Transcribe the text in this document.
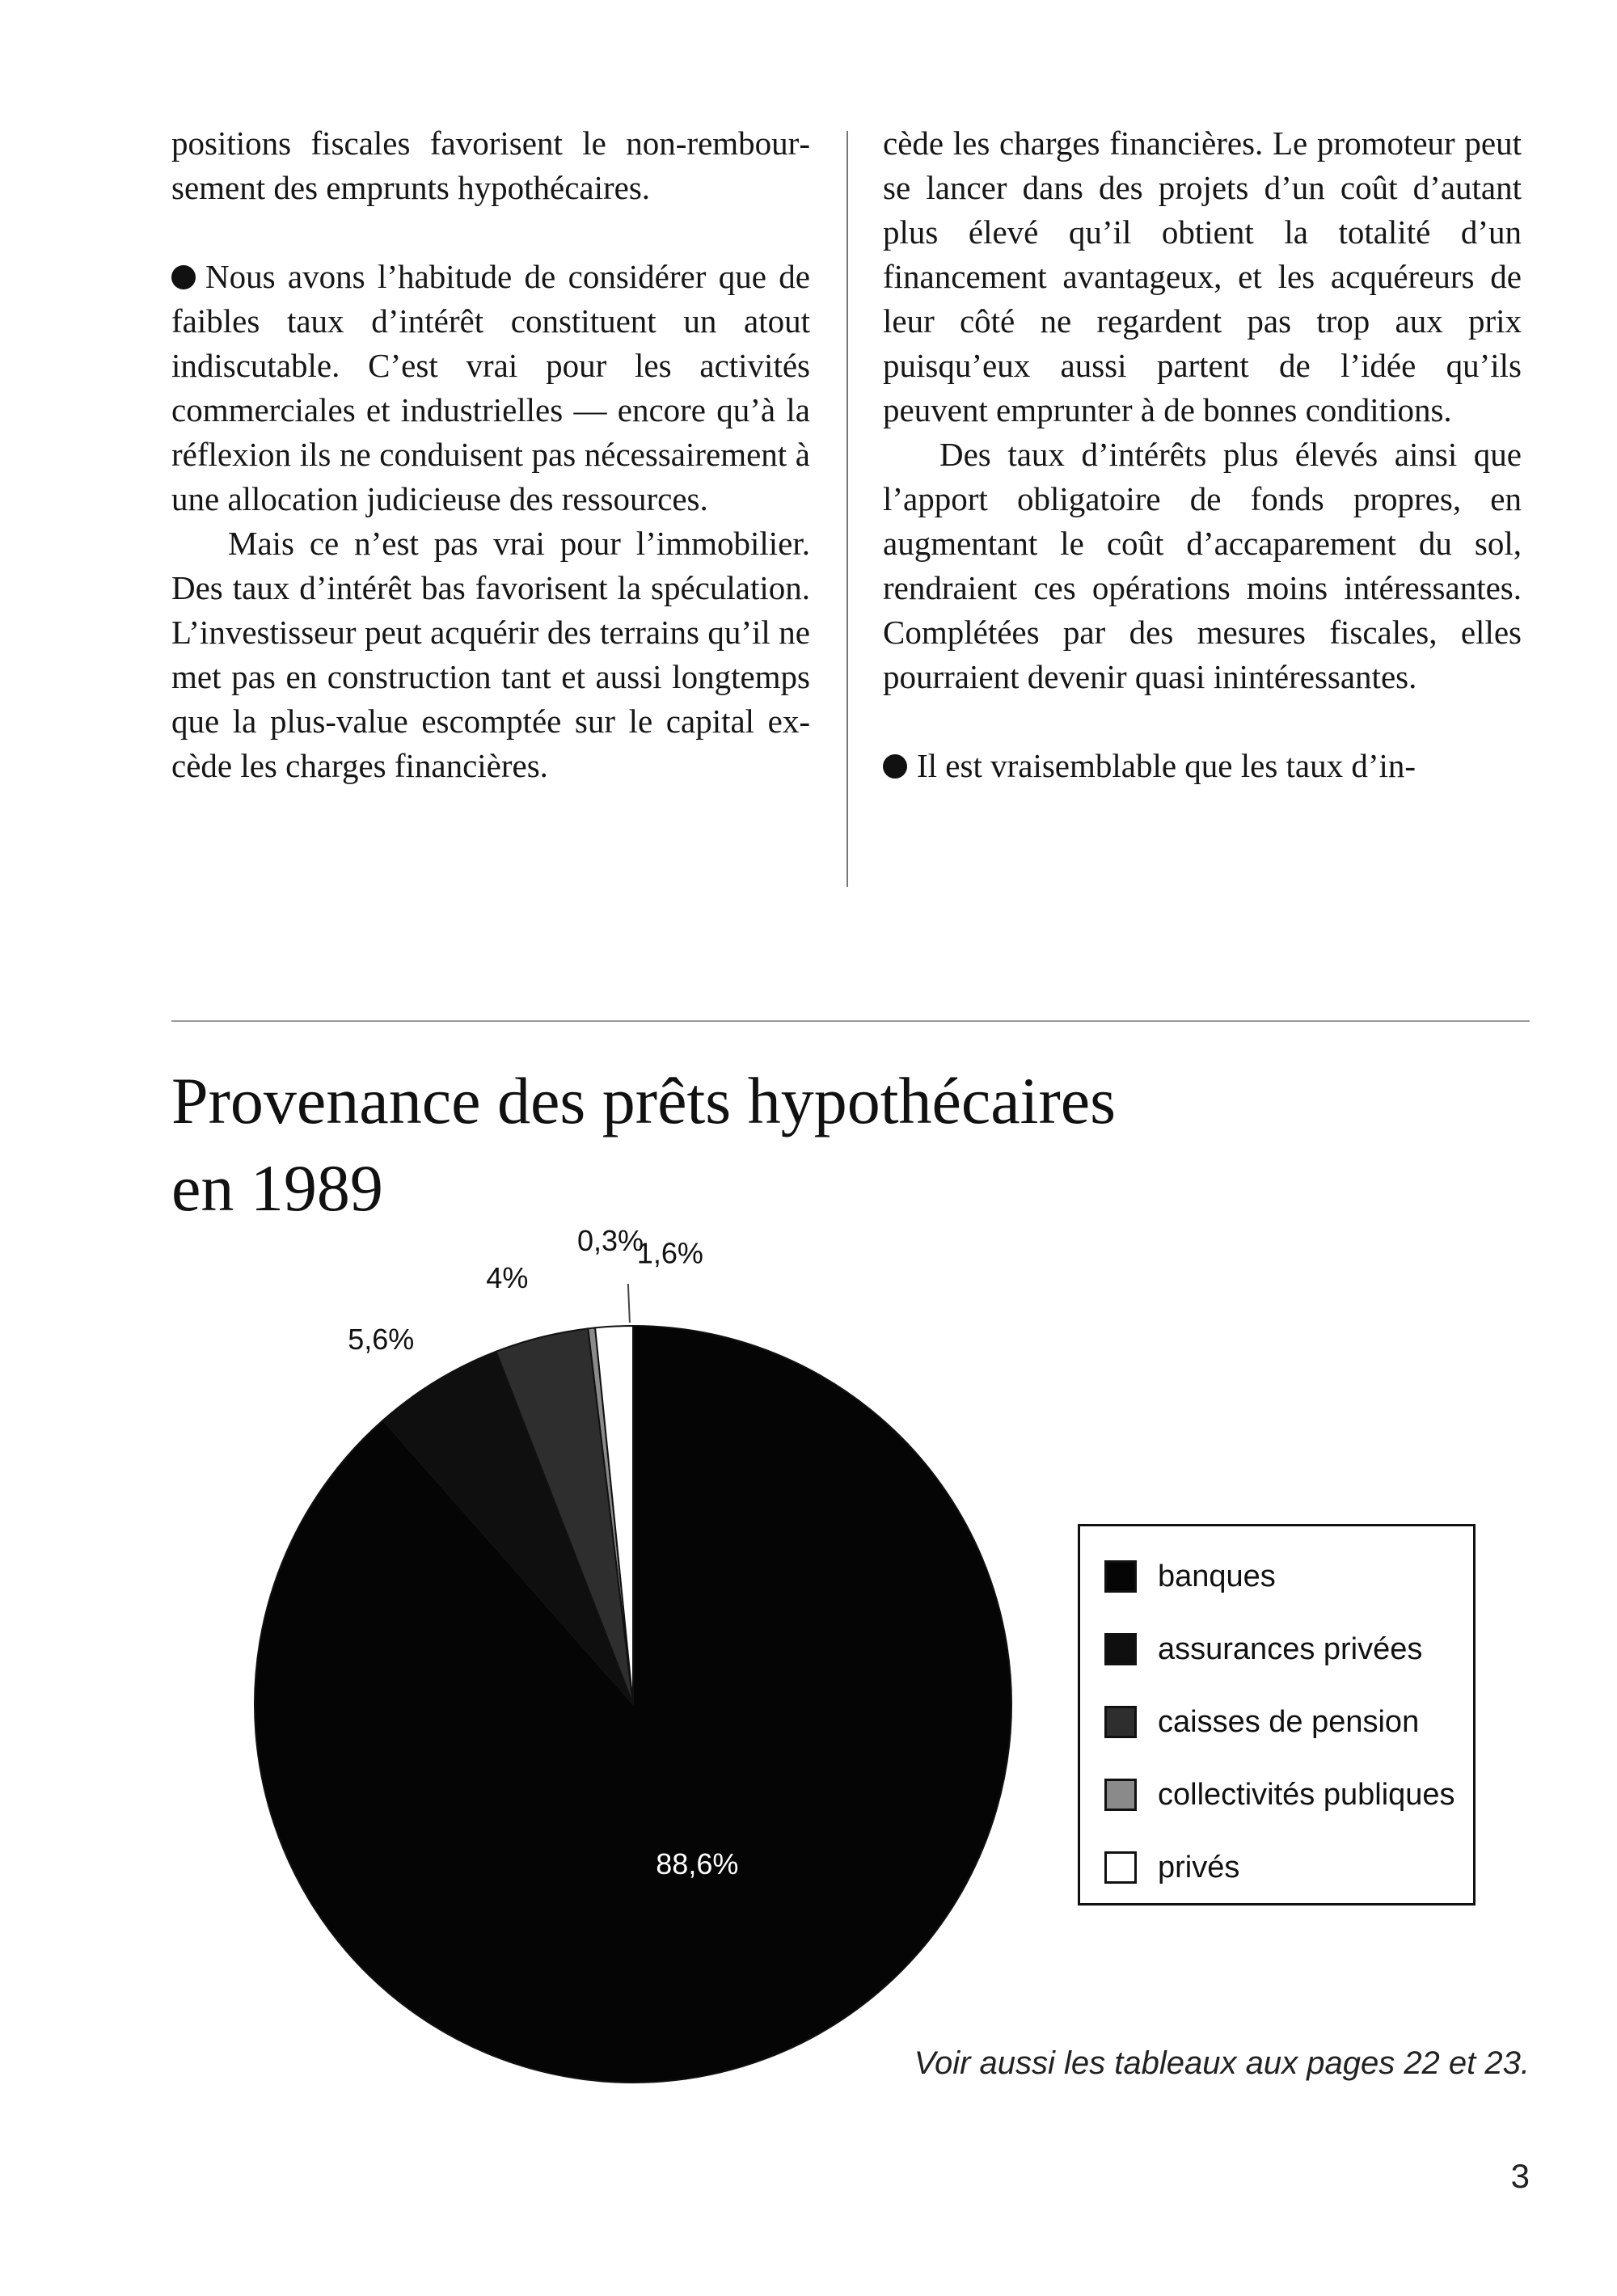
positions fiscales favorisent le non-remboursement des emprunts hypothécaires.

Nous avons l’habitude de considérer que de faibles taux d’intérêt constituent un atout indiscutable. C’est vrai pour les activités commerciales et industrielles — encore qu’à la réflexion ils ne conduisent pas nécessairement à une allocation judicieuse des ressources.

Mais ce n’est pas vrai pour l’immobilier. Des taux d’intérêt bas favorisent la spéculation. L’investisseur peut acquérir des terrains qu’il ne met pas en construction tant et aussi longtemps que la plus-value escomptée sur le capital excède les charges financières.

cède les charges financières. Le promoteur peut se lancer dans des projets d’un coût d’autant plus élevé qu’il obtient la totalité d’un financement avantageux, et les acquéreurs de leur côté ne regardent pas trop aux prix puisqu’eux aussi partent de l’idée qu’ils peuvent emprunter à de bonnes conditions.

Des taux d’intérêts plus élevés ainsi que l’apport obligatoire de fonds propres, en augmentant le coût d’accaparement du sol, rendraient ces opérations moins intéressantes. Complétées par des mesures fiscales, elles pourraient devenir quasi inintéressantes.

Il est vraisemblable que les taux d’in-

Provenance des prêts hypothécaires
en 1989
88,6%
5,6%
4%
0,3%
1,6%
banques
assurances privées
caisses de pension
collectivités publiques
privés
Voir aussi les tableaux aux pages 22 et 23.
3
